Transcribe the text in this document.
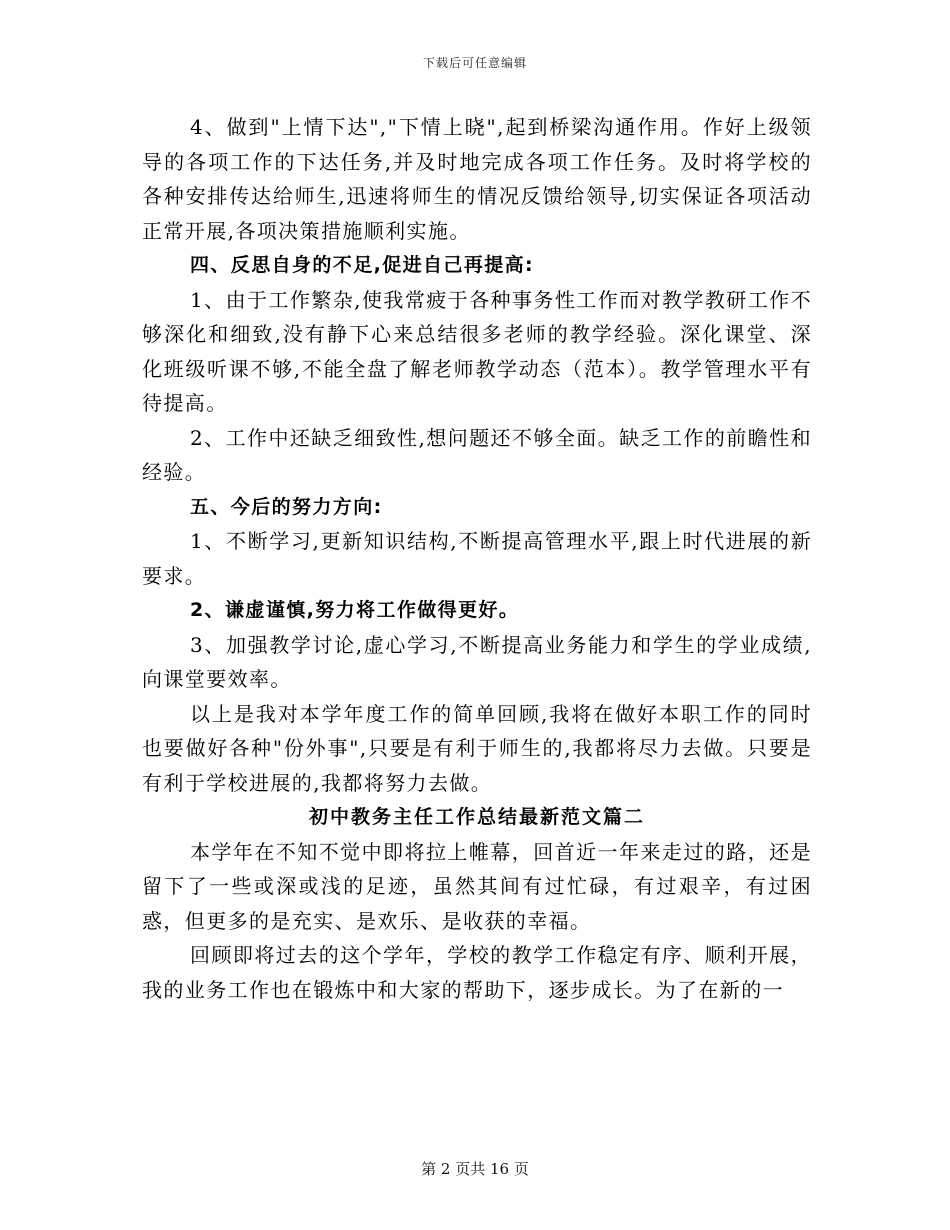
下载后可任意编辑

4、做到"上情下达","下情上晓",起到桥梁沟通作用。作好上级领导的各项工作的下达任务,并及时地完成各项工作任务。及时将学校的各种安排传达给师生,迅速将师生的情况反馈给领导,切实保证各项活动正常开展,各项决策措施顺利实施。

四、反思自身的不足,促进自己再提高:

1、由于工作繁杂,使我常疲于各种事务性工作而对教学教研工作不够深化和细致,没有静下心来总结很多老师的教学经验。深化课堂、深化班级听课不够,不能全盘了解老师教学动态（范本）。教学管理水平有待提高。

2、工作中还缺乏细致性,想问题还不够全面。缺乏工作的前瞻性和经验。

五、今后的努力方向:

1、不断学习,更新知识结构,不断提高管理水平,跟上时代进展的新要求。

2、谦虚谨慎,努力将工作做得更好。

3、加强教学讨论,虚心学习,不断提高业务能力和学生的学业成绩,向课堂要效率。

以上是我对本学年度工作的简单回顾,我将在做好本职工作的同时也要做好各种"份外事",只要是有利于师生的,我都将尽力去做。只要是有利于学校进展的,我都将努力去做。

初中教务主任工作总结最新范文篇二

本学年在不知不觉中即将拉上帷幕，回首近一年来走过的路，还是留下了一些或深或浅的足迹，虽然其间有过忙碌，有过艰辛，有过困惑，但更多的是充实、是欢乐、是收获的幸福。

回顾即将过去的这个学年，学校的教学工作稳定有序、顺利开展，我的业务工作也在锻炼中和大家的帮助下，逐步成长。为了在新的一

第 2 页共 16 页
